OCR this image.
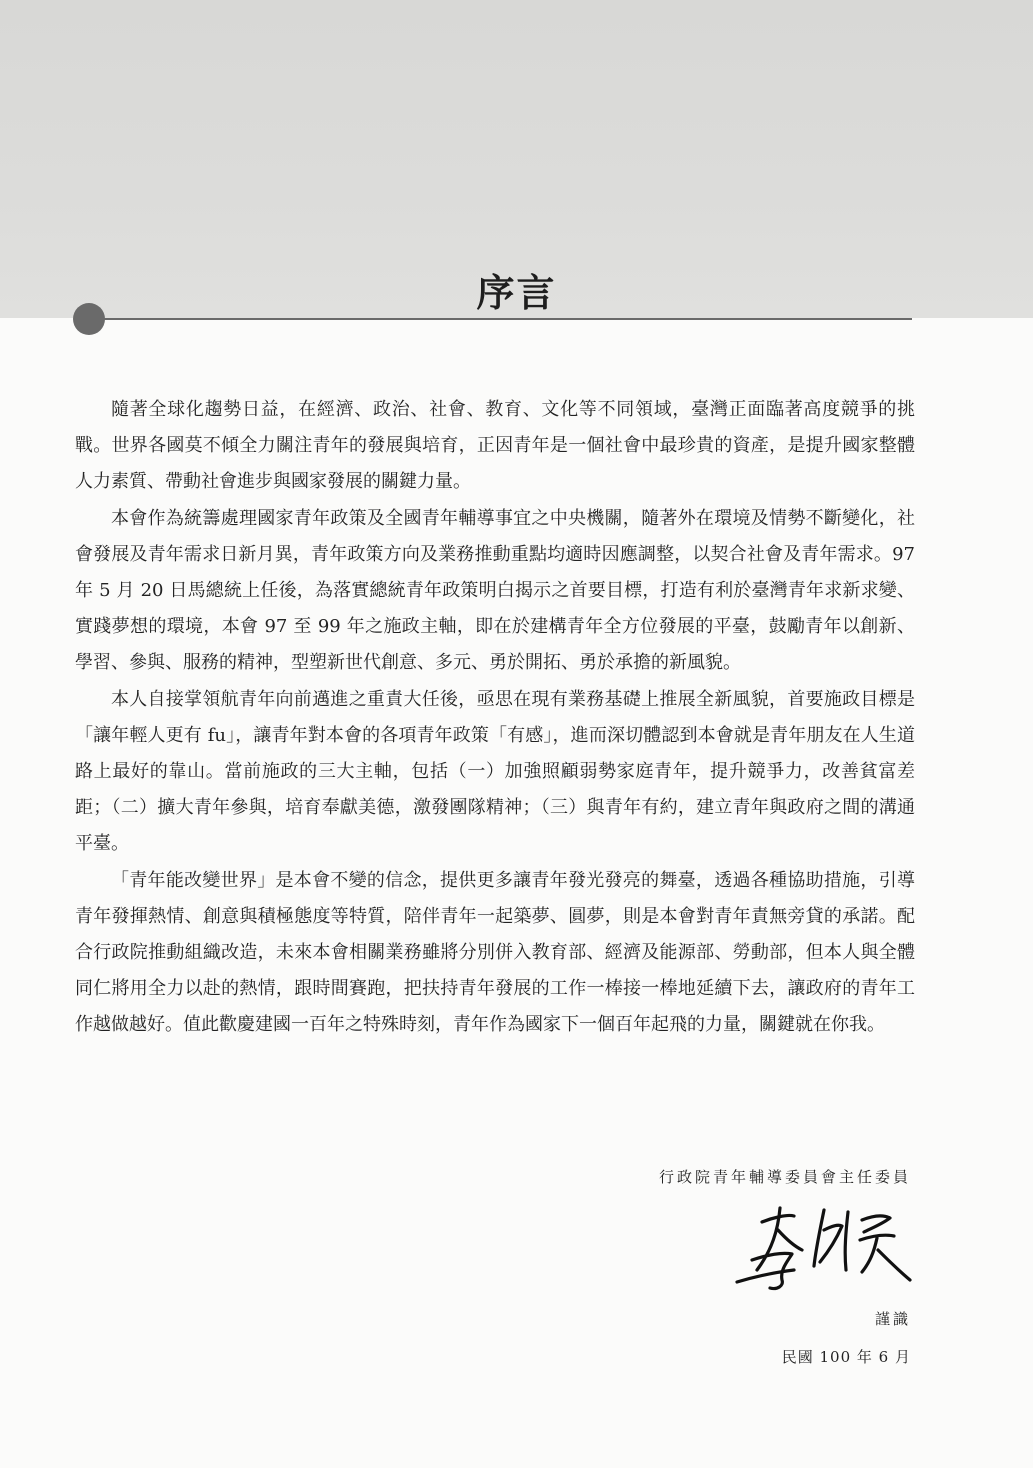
序言

隨著全球化趨勢日益，在經濟、政治、社會、教育、文化等不同領域，臺灣正面臨著高度競爭的挑戰。世界各國莫不傾全力關注青年的發展與培育，正因青年是一個社會中最珍貴的資產，是提升國家整體人力素質、帶動社會進步與國家發展的關鍵力量。

本會作為統籌處理國家青年政策及全國青年輔導事宜之中央機關，隨著外在環境及情勢不斷變化，社會發展及青年需求日新月異，青年政策方向及業務推動重點均適時因應調整，以契合社會及青年需求。97 年 5 月 20 日馬總統上任後，為落實總統青年政策明白揭示之首要目標，打造有利於臺灣青年求新求變、實踐夢想的環境，本會 97 至 99 年之施政主軸，即在於建構青年全方位發展的平臺，鼓勵青年以創新、學習、參與、服務的精神，型塑新世代創意、多元、勇於開拓、勇於承擔的新風貌。

本人自接掌領航青年向前邁進之重責大任後，亟思在現有業務基礎上推展全新風貌，首要施政目標是「讓年輕人更有 fu」，讓青年對本會的各項青年政策「有感」，進而深切體認到本會就是青年朋友在人生道路上最好的靠山。當前施政的三大主軸，包括（一）加強照顧弱勢家庭青年，提升競爭力，改善貧富差距；（二）擴大青年參與，培育奉獻美德，激發團隊精神；（三）與青年有約，建立青年與政府之間的溝通平臺。

「青年能改變世界」是本會不變的信念，提供更多讓青年發光發亮的舞臺，透過各種協助措施，引導青年發揮熱情、創意與積極態度等特質，陪伴青年一起築夢、圓夢，則是本會對青年責無旁貸的承諾。配合行政院推動組織改造，未來本會相關業務雖將分別併入教育部、經濟及能源部、勞動部，但本人與全體同仁將用全力以赴的熱情，跟時間賽跑，把扶持青年發展的工作一棒接一棒地延續下去，讓政府的青年工作越做越好。值此歡慶建國一百年之特殊時刻，青年作為國家下一個百年起飛的力量，關鍵就在你我。

行政院青年輔導委員會主任委員
謹識
民國 100 年 6 月
